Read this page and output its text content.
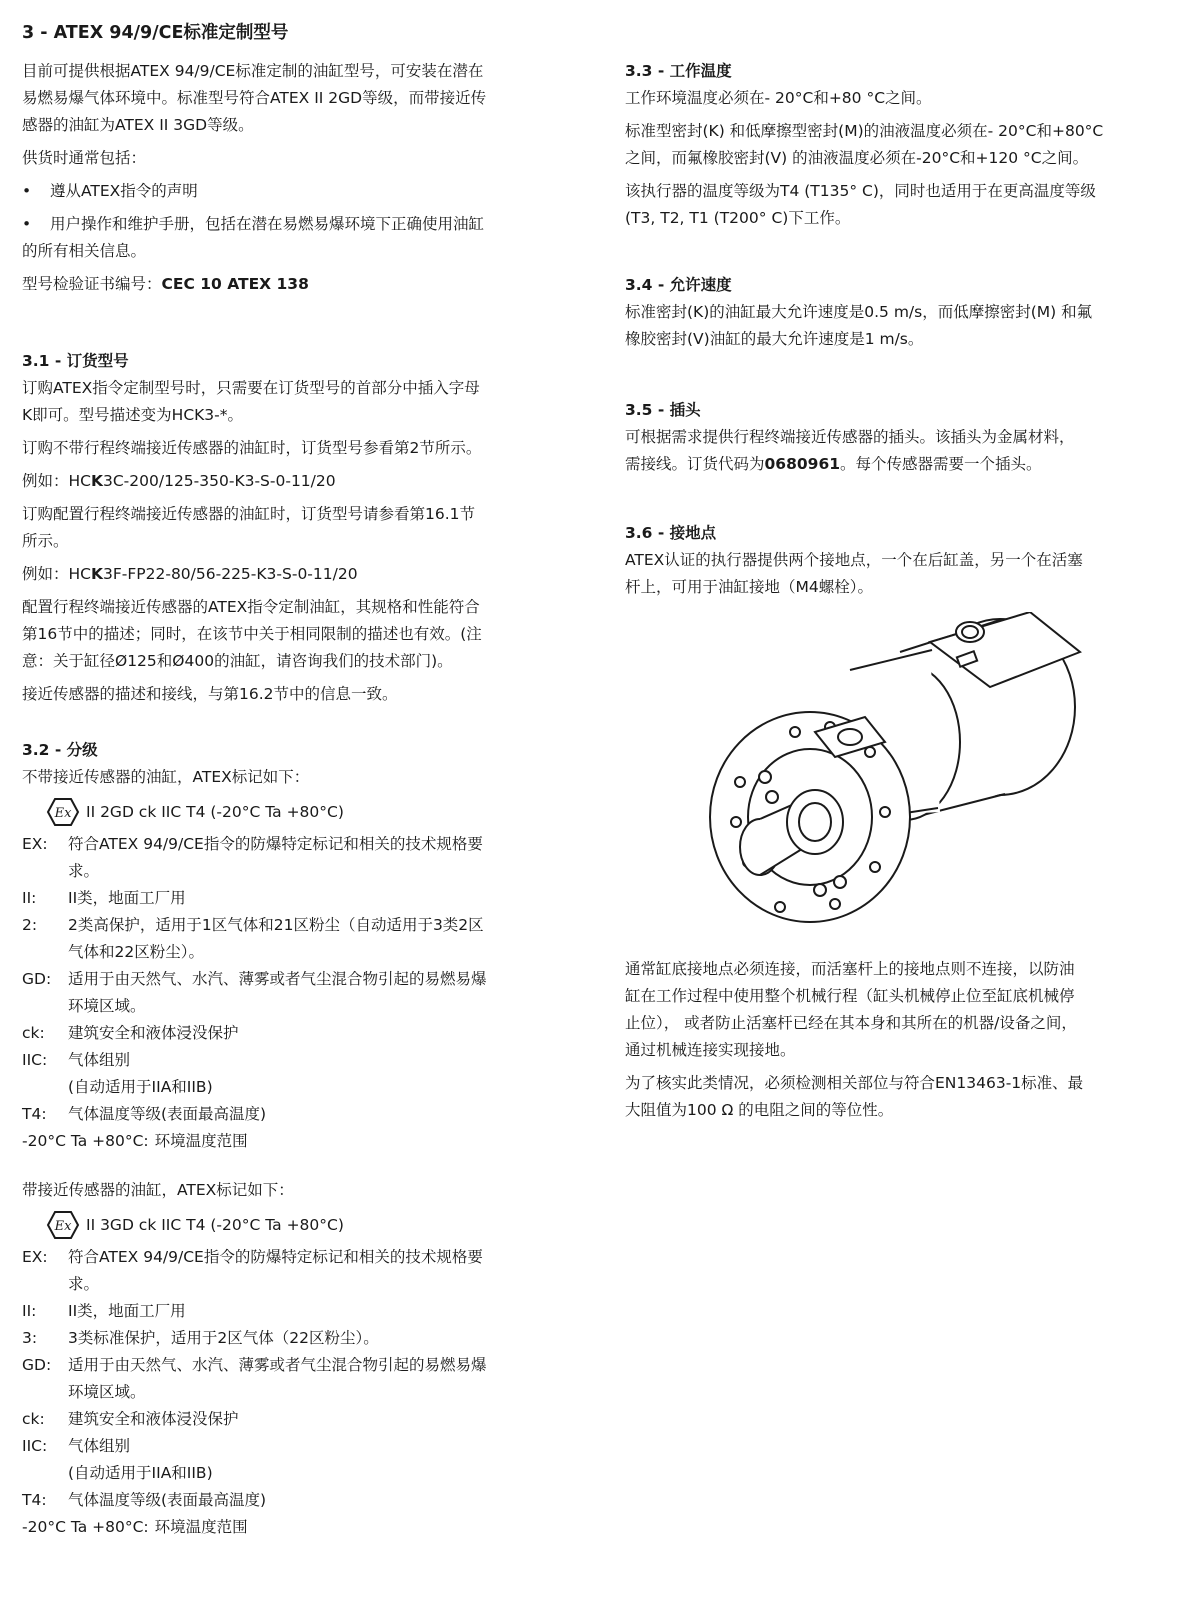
3 - ATEX 94/9/CE标准定制型号
目前可提供根据ATEX 94/9/CE标准定制的油缸型号，可安装在潜在
易燃易爆气体环境中。标准型号符合ATEX II 2GD等级，而带接近传
感器的油缸为ATEX II 3GD等级。
供货时通常包括：
•	遵从ATEX指令的声明
•	用户操作和维护手册，包括在潜在易燃易爆环境下正确使用油缸
的所有相关信息。
型号检验证书编号：CEC 10 ATEX 138
3.1 - 订货型号
订购ATEX指令定制型号时，只需要在订货型号的首部分中插入字母
K即可。型号描述变为HCK3-*。
订购不带行程终端接近传感器的油缸时，订货型号参看第2节所示。
例如：HCK3C-200/125-350-K3-S-0-11/20
订购配置行程终端接近传感器的油缸时，订货型号请参看第16.1节
所示。
例如：HCK3F-FP22-80/56-225-K3-S-0-11/20
配置行程终端接近传感器的ATEX指令定制油缸，其规格和性能符合
第16节中的描述；同时，在该节中关于相同限制的描述也有效。(注
意：关于缸径Ø125和Ø400的油缸，请咨询我们的技术部门)。
接近传感器的描述和接线，与第16.2节中的信息一致。
3.2 - 分级
不带接近传感器的油缸，ATEX标记如下：
Ex II 2GD ck IIC T4 (-20°C Ta +80°C)
EX:	符合ATEX 94/9/CE指令的防爆特定标记和相关的技术规格要
求。
II:	II类，地面工厂用
2:	2类高保护，适用于1区气体和21区粉尘（自动适用于3类2区
气体和22区粉尘）。
GD:	适用于由天然气、水汽、薄雾或者气尘混合物引起的易燃易爆
环境区域。
ck:	建筑安全和液体浸没保护
IIC:	气体组别
(自动适用于IIA和IIB)
T4:	气体温度等级(表面最高温度)
-20°C Ta +80°C: 环境温度范围
带接近传感器的油缸，ATEX标记如下：
Ex II 3GD ck IIC T4 (-20°C Ta +80°C)
EX:	符合ATEX 94/9/CE指令的防爆特定标记和相关的技术规格要
求。
II:	II类，地面工厂用
3:	3类标准保护，适用于2区气体（22区粉尘）。
GD:	适用于由天然气、水汽、薄雾或者气尘混合物引起的易燃易爆
环境区域。
ck:	建筑安全和液体浸没保护
IIC:	气体组别
(自动适用于IIA和IIB)
T4:	气体温度等级(表面最高温度)
-20°C Ta +80°C: 环境温度范围
3.3 - 工作温度
工作环境温度必须在- 20°C和+80 °C之间。
标准型密封(K) 和低摩擦型密封(M)的油液温度必须在- 20°C和+80°C
之间，而氟橡胶密封(V) 的油液温度必须在-20°C和+120 °C之间。
该执行器的温度等级为T4 (T135° C)，同时也适用于在更高温度等级
(T3, T2, T1 (T200° C)下工作。
3.4 - 允许速度
标准密封(K)的油缸最大允许速度是0.5 m/s，而低摩擦密封(M) 和氟
橡胶密封(V)油缸的最大允许速度是1 m/s。
3.5 - 插头
可根据需求提供行程终端接近传感器的插头。该插头为金属材料，
需接线。订货代码为0680961。每个传感器需要一个插头。
3.6 - 接地点
ATEX认证的执行器提供两个接地点，一个在后缸盖，另一个在活塞
杆上，可用于油缸接地（M4螺栓）。
通常缸底接地点必须连接，而活塞杆上的接地点则不连接，以防油
缸在工作过程中使用整个机械行程（缸头机械停止位至缸底机械停
止位）， 或者防止活塞杆已经在其本身和其所在的机器/设备之间，
通过机械连接实现接地。
为了核实此类情况，必须检测相关部位与符合EN13463-1标准、最
大阻值为100 Ω 的电阻之间的等位性。
